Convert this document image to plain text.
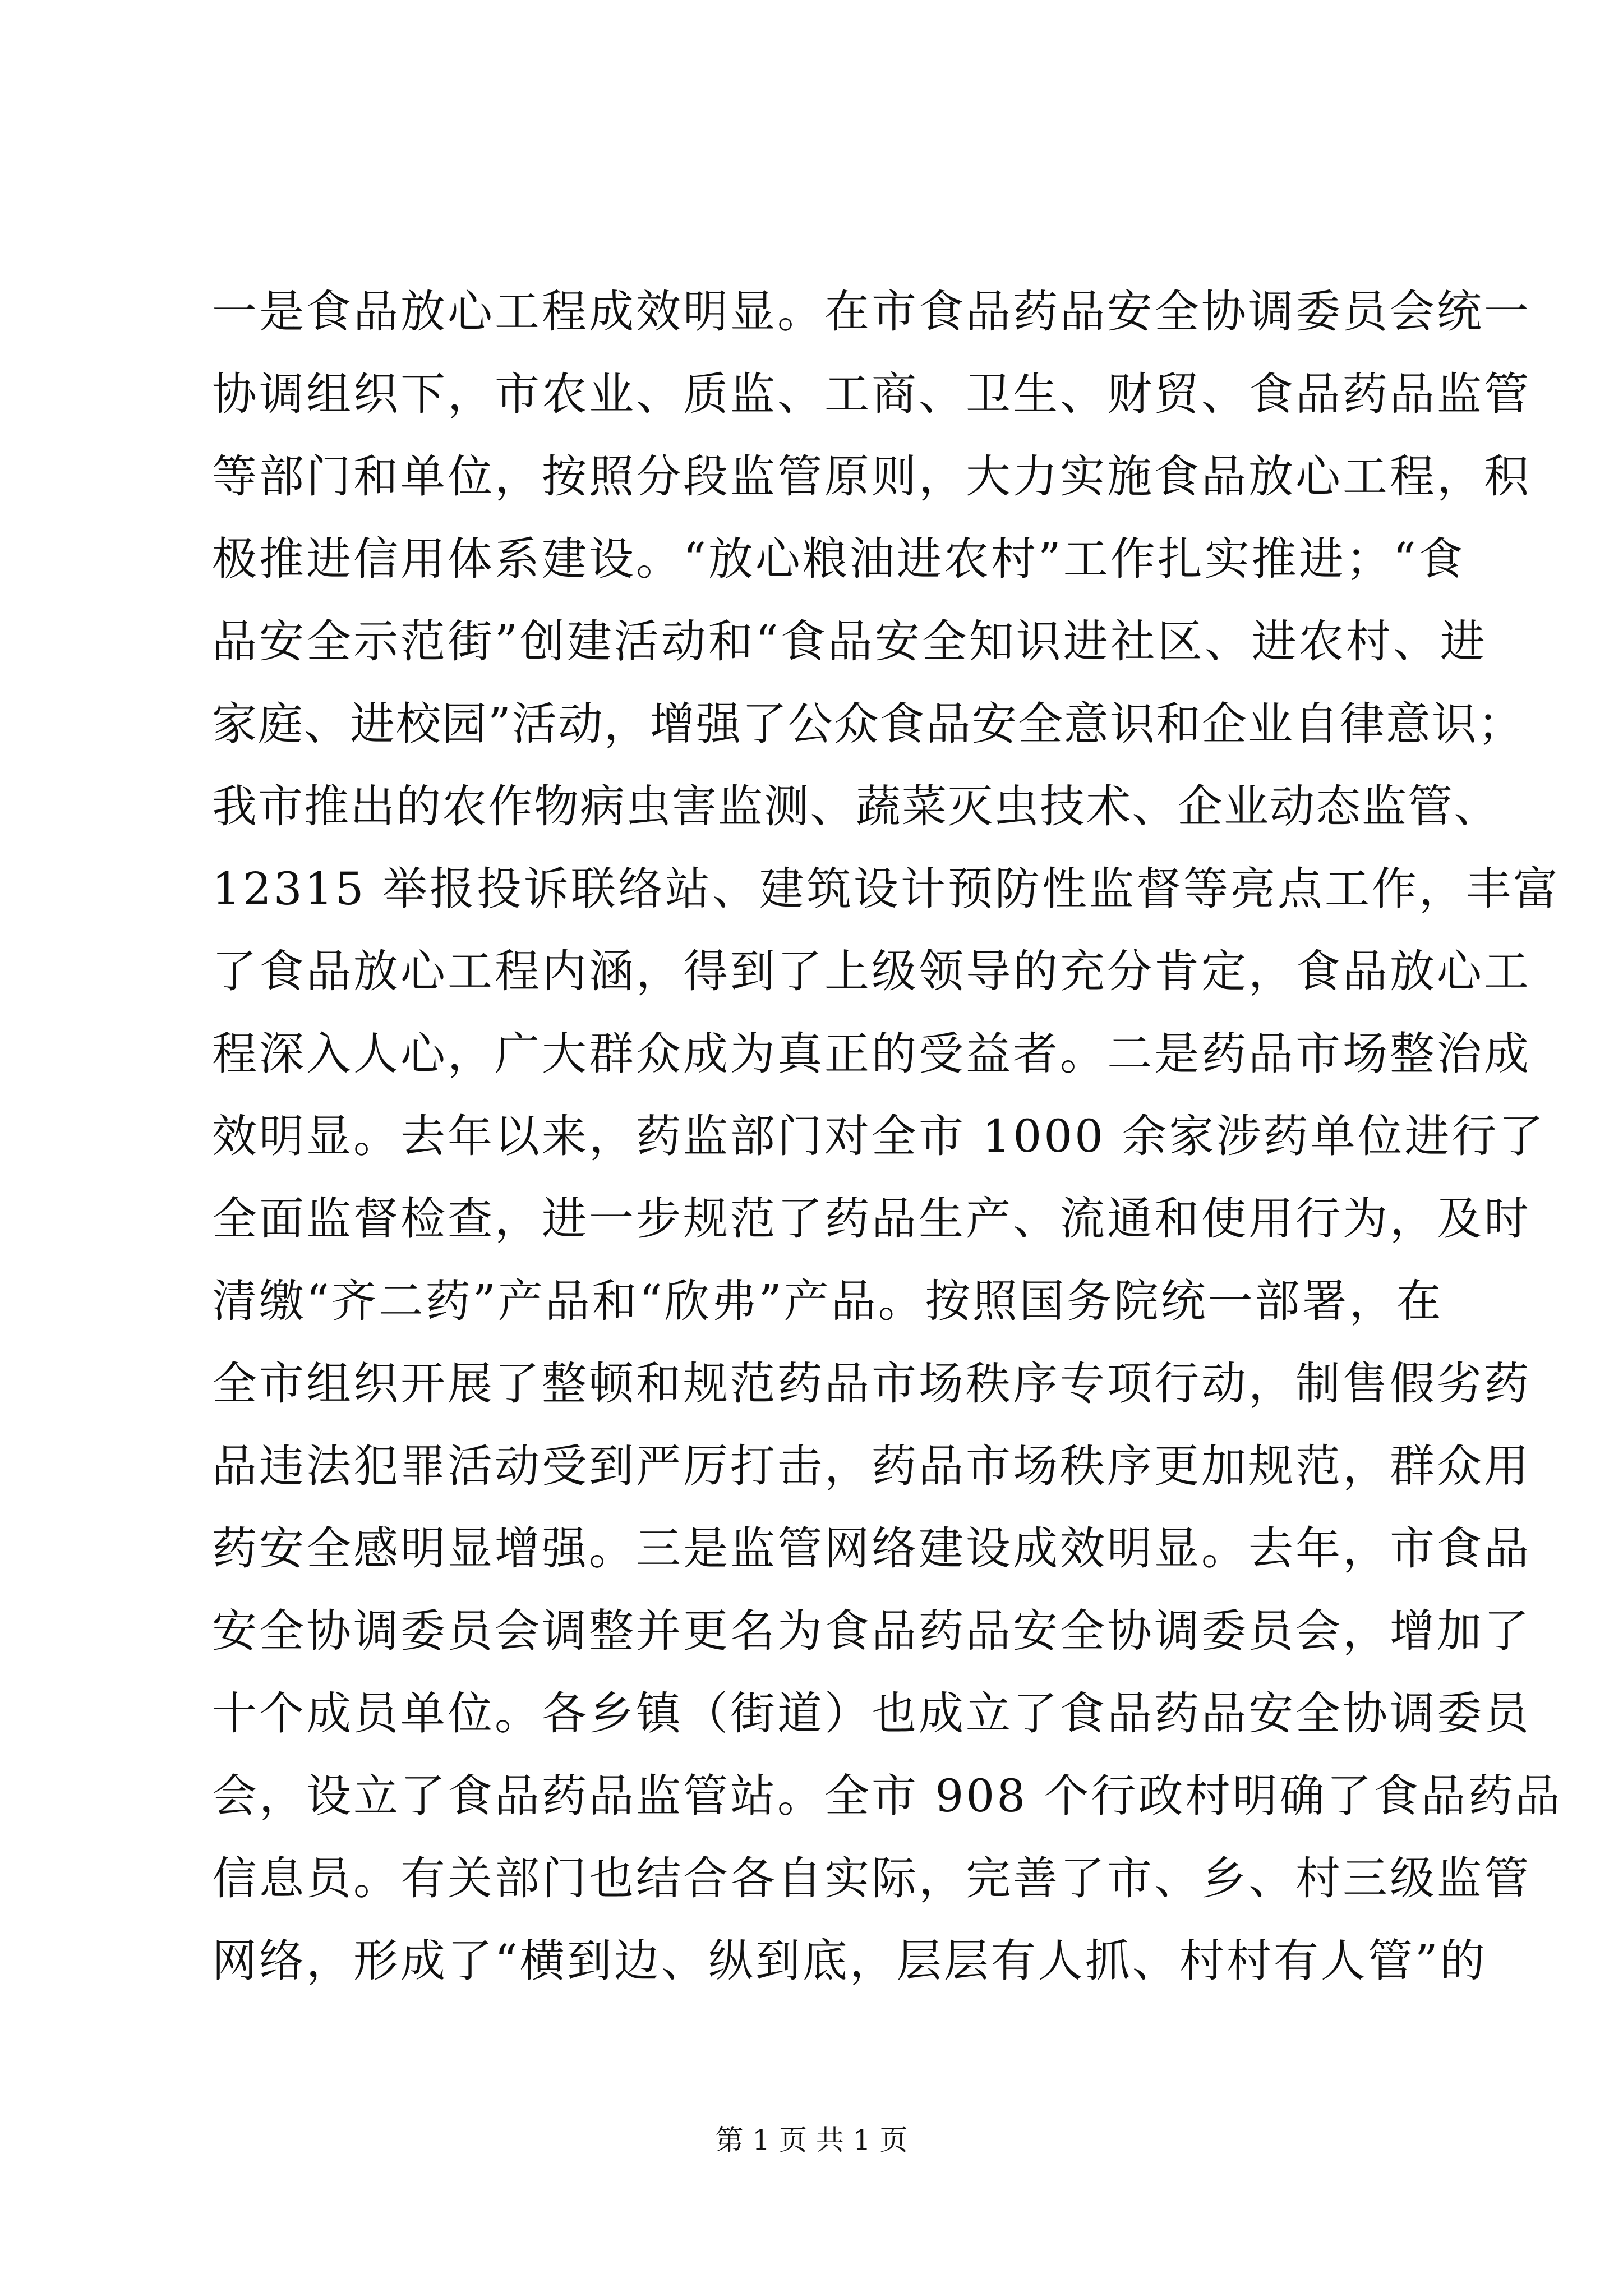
一是食品放心工程成效明显。在市食品药品安全协调委员会统一
协调组织下，市农业、质监、工商、卫生、财贸、食品药品监管
等部门和单位，按照分段监管原则，大力实施食品放心工程，积
极推进信用体系建设。“放心粮油进农村”工作扎实推进；“食
品安全示范街”创建活动和“食品安全知识进社区、进农村、进
家庭、进校园”活动，增强了公众食品安全意识和企业自律意识；
我市推出的农作物病虫害监测、蔬菜灭虫技术、企业动态监管、
12315 举报投诉联络站、建筑设计预防性监督等亮点工作，丰富
了食品放心工程内涵，得到了上级领导的充分肯定，食品放心工
程深入人心，广大群众成为真正的受益者。二是药品市场整治成
效明显。去年以来，药监部门对全市 1000 余家涉药单位进行了
全面监督检查，进一步规范了药品生产、流通和使用行为，及时
清缴“齐二药”产品和“欣弗”产品。按照国务院统一部署，在
全市组织开展了整顿和规范药品市场秩序专项行动，制售假劣药
品违法犯罪活动受到严厉打击，药品市场秩序更加规范，群众用
药安全感明显增强。三是监管网络建设成效明显。去年，市食品
安全协调委员会调整并更名为食品药品安全协调委员会，增加了
十个成员单位。各乡镇（街道）也成立了食品药品安全协调委员
会，设立了食品药品监管站。全市 908 个行政村明确了食品药品
信息员。有关部门也结合各自实际，完善了市、乡、村三级监管
网络，形成了“横到边、纵到底，层层有人抓、村村有人管”的
第 1 页 共 1 页
